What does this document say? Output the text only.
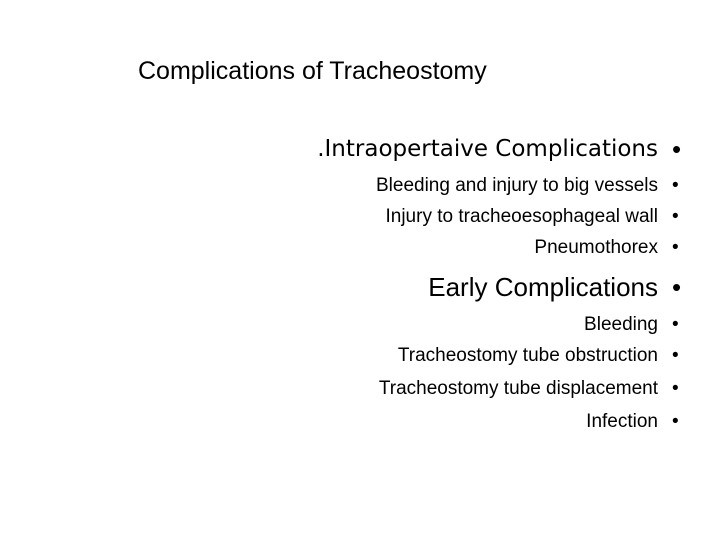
Complications of Tracheostomy
.Intraopertaive Complications •
Bleeding and injury to big vessels •
Injury to tracheoesophageal wall •
Pneumothorex •
Early Complications •
Bleeding •
Tracheostomy tube obstruction •
Tracheostomy tube displacement •
Infection •
